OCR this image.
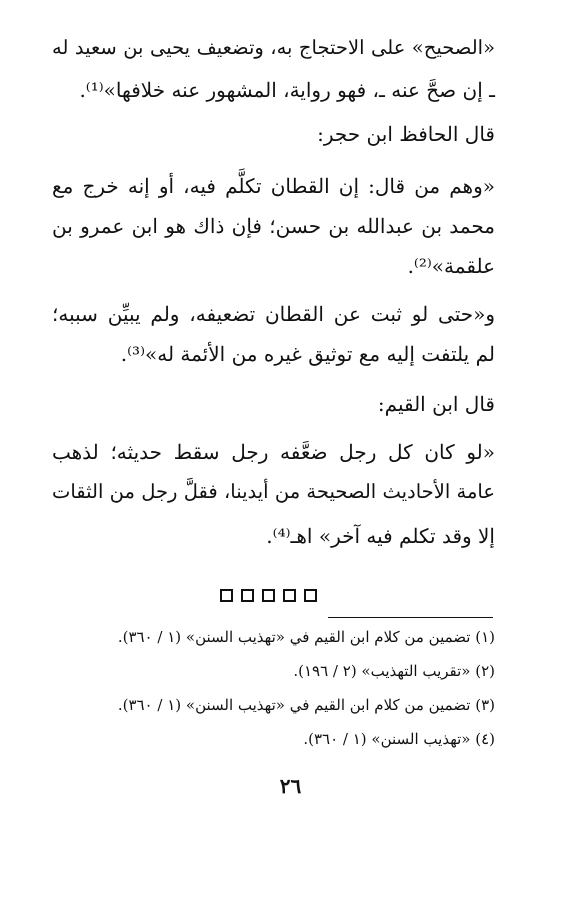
«الصحيح» على الاحتجاج به، وتضعيف يحيى بن سعيد له
ـ إن صحَّ عنه ـ، فهو رواية، المشهور عنه خلافها»⁽¹⁾.
قال الحافظ ابن حجر:
«وهم من قال: إن القطان تكلَّم فيه، أو إنه خرج مع
محمد بن عبدالله بن حسن؛ فإن ذاك هو ابن عمرو بن
علقمة»⁽²⁾.
و«حتى لو ثبت عن القطان تضعيفه، ولم يبيِّن سببه؛
لم يلتفت إليه مع توثيق غيره من الأئمة له»⁽³⁾.
قال ابن القيم:
«لو كان كل رجل ضعَّفه رجل سقط حديثه؛ لذهب
عامة الأحاديث الصحيحة من أيدينا، فقلَّ رجل من الثقات
إلا وقد تكلم فيه آخر» اهـ⁽⁴⁾.
(١) تضمين من كلام ابن القيم في «تهذيب السنن» (١ / ٣٦٠).
(٢) «تقريب التهذيب» (٢ / ١٩٦).
(٣) تضمين من كلام ابن القيم في «تهذيب السنن» (١ / ٣٦٠).
(٤) «تهذيب السنن» (١ / ٣٦٠).
٢٦
